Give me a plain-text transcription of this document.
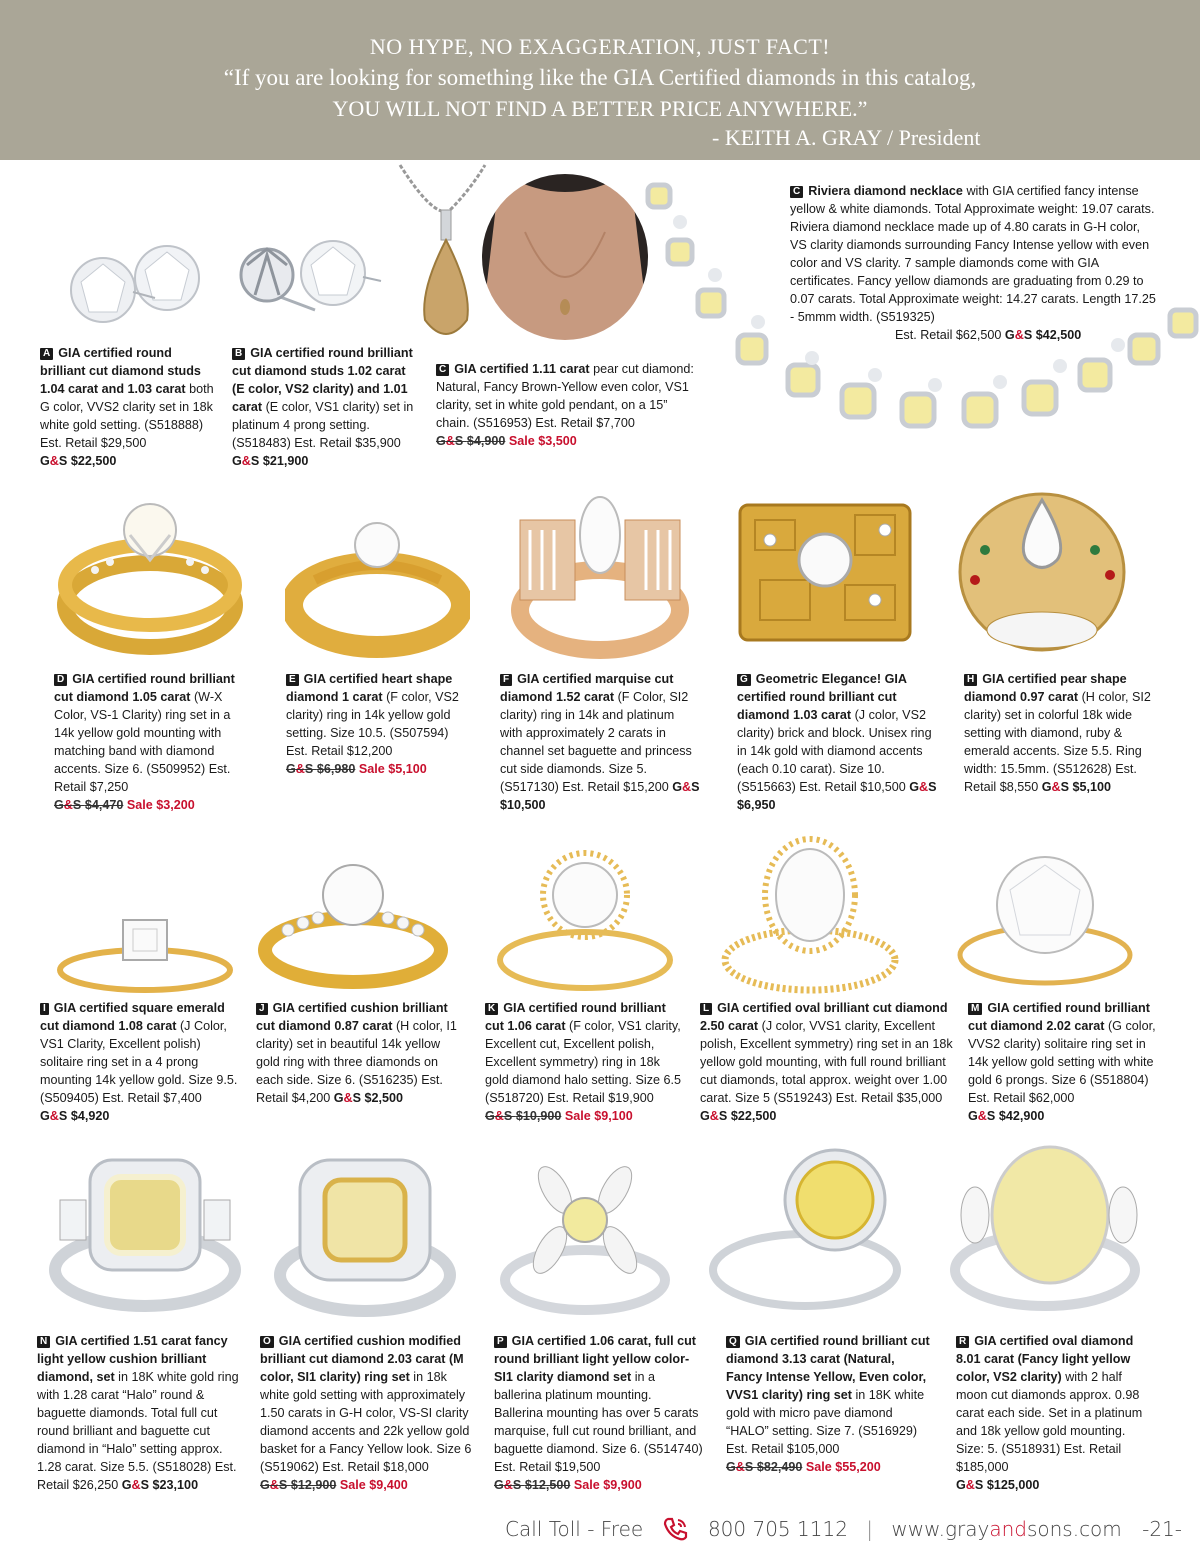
NO HYPE, NO EXAGGERATION, JUST FACT!
“If you are looking for something like the GIA Certified diamonds in this catalog,
YOU WILL NOT FIND A BETTER PRICE ANYWHERE.”
- KEITH A. GRAY / President
A GIA certified round brilliant cut diamond studs 1.04 carat and 1.03 carat both G color, VVS2 clarity set in 18k white gold setting. (S518888) Est. Retail $29,500
G&S $22,500
B GIA certified round brilliant cut diamond studs 1.02 carat (E color, VS2 clarity) and 1.01 carat (E color, VS1 clarity) set in platinum 4 prong setting. (S518483) Est. Retail $35,900
G&S $21,900
C GIA certified 1.11 carat pear cut diamond: Natural, Fancy Brown-Yellow even color, VS1 clarity, set in white gold pendant, on a 15” chain. (S516953) Est. Retail $7,700
G&S $4,900 Sale $3,500
C Riviera diamond necklace with GIA certified fancy intense yellow & white diamonds. Total Approximate weight: 19.07 carats. Riviera diamond necklace made up of 4.80 carats in G-H color, VS clarity diamonds surrounding Fancy Intense yellow with even color and VS clarity. 7 sample diamonds come with GIA certificates. Fancy yellow diamonds are graduating from 0.29 to 0.07 carats. Total Approximate weight: 14.27 carats. Length 17.25 - 5mmm width. (S519325)
Est. Retail $62,500 G&S $42,500
D GIA certified round brilliant cut diamond 1.05 carat (W-X Color, VS-1 Clarity) ring set in a 14k yellow gold mounting with matching band with diamond accents. Size 6. (S509952) Est. Retail $7,250
G&S $4,470 Sale $3,200
E GIA certified heart shape diamond 1 carat (F color, VS2 clarity) ring in 14k yellow gold setting. Size 10.5. (S507594) Est. Retail $12,200
G&S $6,980 Sale $5,100
F GIA certified marquise cut diamond 1.52 carat (F Color, SI2 clarity) ring in 14k and platinum with approximately 2 carats in channel set baguette and princess cut side diamonds. Size 5. (S517130) Est. Retail $15,200 G&S $10,500
G Geometric Elegance! GIA certified round brilliant cut diamond 1.03 carat (J color, VS2 clarity) brick and block. Unisex ring in 14k gold with diamond accents (each 0.10 carat). Size 10. (S515663) Est. Retail $10,500 G&S $6,950
H GIA certified pear shape diamond 0.97 carat (H color, SI2 clarity) set in colorful 18k wide setting with diamond, ruby & emerald accents. Size 5.5. Ring width: 15.5mm. (S512628) Est. Retail $8,550 G&S $5,100
I GIA certified square emerald cut diamond 1.08 carat (J Color, VS1 Clarity, Excellent polish) solitaire ring set in a 4 prong mounting 14k yellow gold. Size 9.5. (S509405) Est. Retail $7,400
G&S $4,920
J GIA certified cushion brilliant cut diamond 0.87 carat (H color, I1 clarity) set in beautiful 14k yellow gold ring with three diamonds on each side. Size 6. (S516235) Est. Retail $4,200 G&S $2,500
K GIA certified round brilliant cut 1.06 carat (F color, VS1 clarity, Excellent cut, Excellent polish, Excellent symmetry) ring in 18k gold diamond halo setting. Size 6.5 (S518720) Est. Retail $19,900
G&S $10,900 Sale $9,100
L GIA certified oval brilliant cut diamond 2.50 carat (J color, VVS1 clarity, Excellent polish, Excellent symmetry) ring set in an 18k yellow gold mounting, with full round brilliant cut diamonds, total approx. weight over 1.00 carat. Size 5 (S519243) Est. Retail $35,000 G&S $22,500
M GIA certified round brilliant cut diamond 2.02 carat (G color, VVS2 clarity) solitaire ring set in 14k yellow gold setting with white gold 6 prongs. Size 6 (S518804) Est. Retail $62,000
G&S $42,900
N GIA certified 1.51 carat fancy light yellow cushion brilliant diamond, set in 18K white gold ring with 1.28 carat “Halo” round & baguette diamonds. Total full cut round brilliant and baguette cut diamond in “Halo” setting approx. 1.28 carat. Size 5.5. (S518028) Est. Retail $26,250 G&S $23,100
O GIA certified cushion modified brilliant cut diamond 2.03 carat (M color, SI1 clarity) ring set in 18k white gold setting with approximately 1.50 carats in G-H color, VS-SI clarity diamond accents and 22k yellow gold basket for a Fancy Yellow look. Size 6 (S519062) Est. Retail $18,000
G&S $12,900 Sale $9,400
P GIA certified 1.06 carat, full cut round brilliant light yellow color- SI1 clarity diamond set in a ballerina platinum mounting. Ballerina mounting has over 5 carats marquise, full cut round brilliant, and baguette diamond. Size 6. (S514740) Est. Retail $19,500
G&S $12,500 Sale $9,900
Q GIA certified round brilliant cut diamond 3.13 carat (Natural, Fancy Intense Yellow, Even color, VVS1 clarity) ring set in 18K white gold with micro pave diamond “HALO” setting. Size 7. (S516929) Est. Retail $105,000
G&S $82,490 Sale $55,200
R GIA certified oval diamond 8.01 carat (Fancy light yellow color, VS2 clarity) with 2 half moon cut diamonds approx. 0.98 carat each side. Set in a platinum and 18k yellow gold mounting. Size: 5. (S518931) Est. Retail $185,000
G&S $125,000
Call Toll - Free	800 705 1112 | www.grayandsons.com -21-
